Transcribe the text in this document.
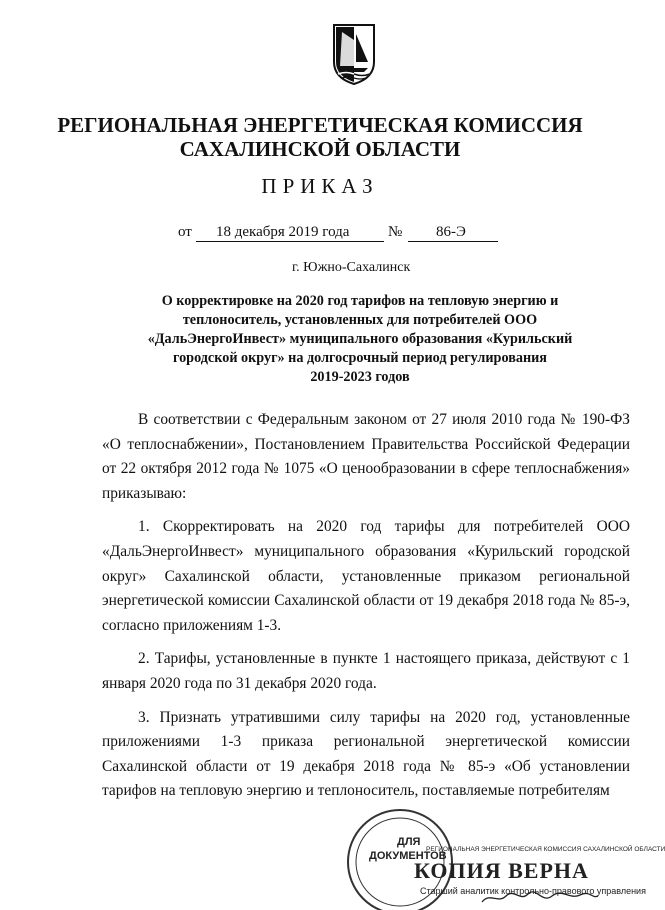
РЕГИОНАЛЬНАЯ ЭНЕРГЕТИЧЕСКАЯ КОМИССИЯ
САХАЛИНСКОЙ ОБЛАСТИ
ПРИКАЗ
от 18 декабря 2019 года	№ 86-Э
г. Южно-Сахалинск
О корректировке на 2020 год тарифов на тепловую энергию и
теплоноситель, установленных для потребителей ООО
«ДальЭнергоИнвест» муниципального образования «Курильский
городской округ» на долгосрочный период регулирования
2019-2023 годов

В соответствии с Федеральным законом от 27 июля 2010 года № 190-ФЗ «О теплоснабжении», Постановлением Правительства Российской Федерации от 22 октября 2012 года № 1075 «О ценообразовании в сфере теплоснабжения» приказываю:

1. Скорректировать на 2020 год тарифы для потребителей ООО «ДальЭнергоИнвест» муниципального образования «Курильский городской округ» Сахалинской области, установленные приказом региональной энергетической комиссии Сахалинской области от 19 декабря 2018 года № 85-э, согласно приложениям 1-3.

2. Тарифы, установленные в пункте 1 настоящего приказа, действуют с 1 января 2020 года по 31 декабря 2020 года.

3. Признать утратившими силу тарифы на 2020 год, установленные приложениями 1-3 приказа региональной энергетической комиссии Сахалинской области от 19 декабря 2018 года № 85-э «Об установлении тарифов на тепловую энергию и теплоноситель, поставляемые потребителям

ДЛЯ
ДОКУМЕНТОВ
РЕГИОНАЛЬНАЯ ЭНЕРГЕТИЧЕСКАЯ КОМИССИЯ САХАЛИНСКОЙ ОБЛАСТИ
КОПИЯ ВЕРНА
Старший аналитик контрольно-правового управления
